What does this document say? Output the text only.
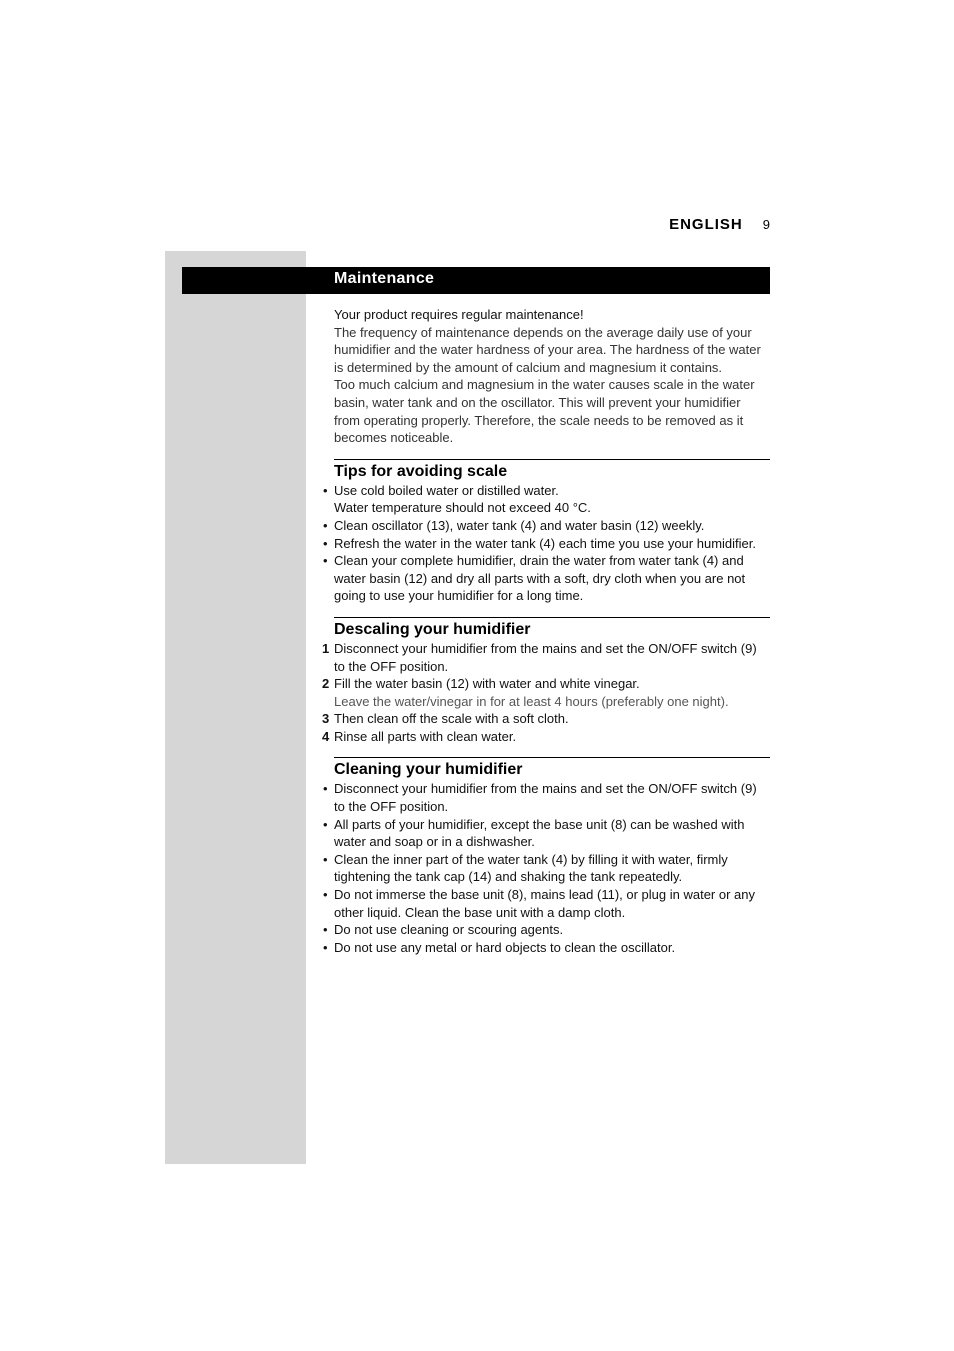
ENGLISH 9
Maintenance
Your product requires regular maintenance!
The frequency of maintenance depends on the average daily use of your humidifier and the water hardness of your area. The hardness of the water is determined by the amount of calcium and magnesium it contains.
Too much calcium and magnesium in the water causes scale in the water basin, water tank and on the oscillator. This will prevent your humidifier from operating properly. Therefore, the scale needs to be removed as it becomes noticeable.
Tips for avoiding scale
• Use cold boiled water or distilled water.
Water temperature should not exceed 40 °C.
• Clean oscillator (13), water tank (4) and water basin (12) weekly.
• Refresh the water in the water tank (4) each time you use your humidifier.
• Clean your complete humidifier, drain the water from water tank (4) and water basin (12) and dry all parts with a soft, dry cloth when you are not going to use your humidifier for a long time.
Descaling your humidifier
1 Disconnect your humidifier from the mains and set the ON/OFF switch (9) to the OFF position.
2 Fill the water basin (12) with water and white vinegar.
Leave the water/vinegar in for at least 4 hours (preferably one night).
3 Then clean off the scale with a soft cloth.
4 Rinse all parts with clean water.
Cleaning your humidifier
• Disconnect your humidifier from the mains and set the ON/OFF switch (9) to the OFF position.
• All parts of your humidifier, except the base unit (8) can be washed with water and soap or in a dishwasher.
• Clean the inner part of the water tank (4) by filling it with water, firmly tightening the tank cap (14) and shaking the tank repeatedly.
• Do not immerse the base unit (8), mains lead (11), or plug in water or any other liquid. Clean the base unit with a damp cloth.
• Do not use cleaning or scouring agents.
• Do not use any metal or hard objects to clean the oscillator.
